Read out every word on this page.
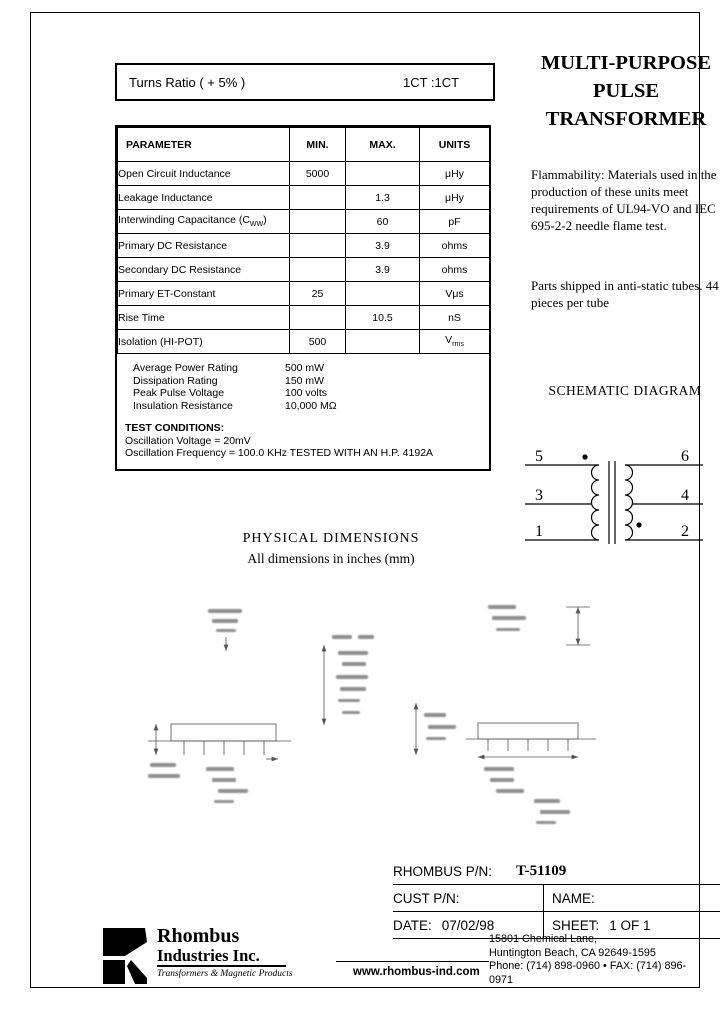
Turns Ratio ( + 5% )	1CT :1CT
PARAMETER	MIN.	MAX.	UNITS
Open Circuit Inductance	5000		μHy
Leakage Inductance		1.3	μHy
Interwinding Capacitance $(C_{WW})$		60	pF
Primary DC Resistance		3.9	ohms
Secondary DC Resistance		3.9	ohms
Primary ET-Constant	25		Vμs
Rise Time		10.5	nS
Isolation (HI-POT)	500		$V_{rms}$
Average Power Rating	500 mW
Dissipation Rating	150 mW
Peak Pulse Voltage	100 volts
Insulation Resistance	10,000 MΩ
TEST CONDITIONS:
Oscillation Voltage = 20mV
Oscillation Frequency = 100.0 KHz TESTED WITH AN H.P. 4192A
MULTI-PURPOSE
PULSE
TRANSFORMER

Flammability: Materials used in the production of these units meet requirements of UL94-VO and IEC 695-2-2 needle flame test.

Parts shipped in anti-static tubes. 44 pieces per tube

SCHEMATIC DIAGRAM
5
3
1
6
4
2
PHYSICAL DIMENSIONS
All dimensions in inches (mm)
RHOMBUS P/N: T-51109
CUST P/N:	NAME:
DATE: 07/02/98	SHEET: 1 OF 1
Rhombus
Industries Inc.
Transformers & Magnetic Products	www.rhombus-ind.com
15801 Chemical Lane,
Huntington Beach, CA 92649-1595
Phone: (714) 898-0960 • FAX: (714) 896-0971
